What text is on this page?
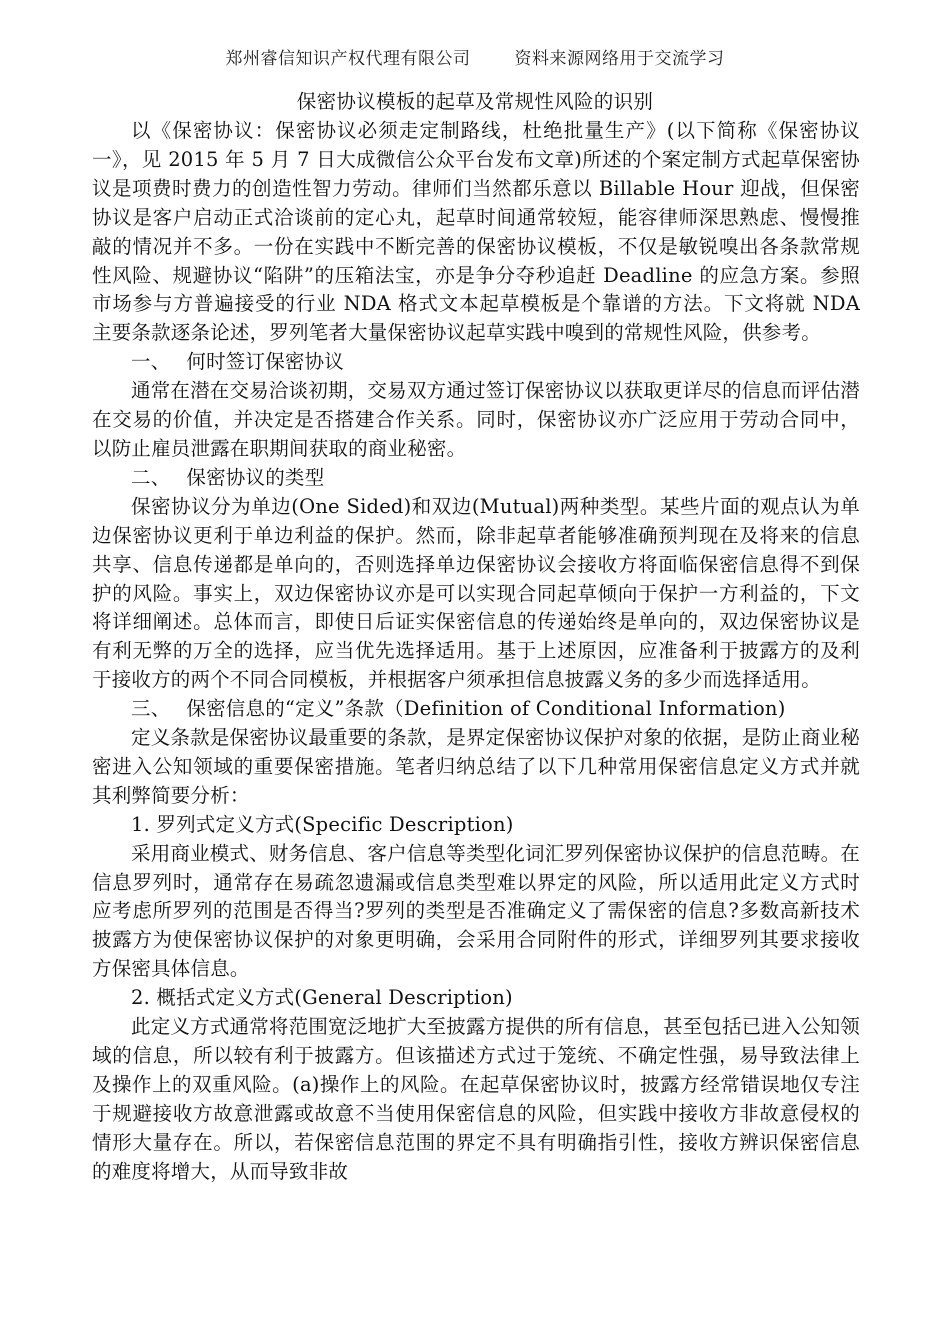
郑州睿信知识产权代理有限公司	资料来源网络用于交流学习
保密协议模板的起草及常规性风险的识别

以《保密协议：保密协议必须走定制路线，杜绝批量生产》(以下简称《保密协议一》，见 2015 年 5 月 7 日大成微信公众平台发布文章)所述的个案定制方式起草保密协议是项费时费力的创造性智力劳动。律师们当然都乐意以 Billable Hour 迎战，但保密协议是客户启动正式洽谈前的定心丸，起草时间通常较短，能容律师深思熟虑、慢慢推敲的情况并不多。一份在实践中不断完善的保密协议模板，不仅是敏锐嗅出各条款常规性风险、规避协议“陷阱”的压箱法宝，亦是争分夺秒追赶 Deadline 的应急方案。参照市场参与方普遍接受的行业 NDA 格式文本起草模板是个靠谱的方法。下文将就 NDA 主要条款逐条论述，罗列笔者大量保密协议起草实践中嗅到的常规性风险，供参考。

一、 何时签订保密协议

通常在潜在交易洽谈初期，交易双方通过签订保密协议以获取更详尽的信息而评估潜在交易的价值，并决定是否搭建合作关系。同时，保密协议亦广泛应用于劳动合同中，以防止雇员泄露在职期间获取的商业秘密。

二、 保密协议的类型

保密协议分为单边(One Sided)和双边(Mutual)两种类型。某些片面的观点认为单边保密协议更利于单边利益的保护。然而，除非起草者能够准确预判现在及将来的信息共享、信息传递都是单向的，否则选择单边保密协议会接收方将面临保密信息得不到保护的风险。事实上，双边保密协议亦是可以实现合同起草倾向于保护一方利益的，下文将详细阐述。总体而言，即使日后证实保密信息的传递始终是单向的，双边保密协议是有利无弊的万全的选择，应当优先选择适用。基于上述原因，应准备利于披露方的及利于接收方的两个不同合同模板，并根据客户须承担信息披露义务的多少而选择适用。

三、 保密信息的“定义”条款（Definition of Conditional Information)

定义条款是保密协议最重要的条款，是界定保密协议保护对象的依据，是防止商业秘密进入公知领域的重要保密措施。笔者归纳总结了以下几种常用保密信息定义方式并就其利弊简要分析：

1. 罗列式定义方式(Specific Description)

采用商业模式、财务信息、客户信息等类型化词汇罗列保密协议保护的信息范畴。在信息罗列时，通常存在易疏忽遗漏或信息类型难以界定的风险，所以适用此定义方式时应考虑所罗列的范围是否得当?罗列的类型是否准确定义了需保密的信息?多数高新技术披露方为使保密协议保护的对象更明确，会采用合同附件的形式，详细罗列其要求接收方保密具体信息。

2. 概括式定义方式(General Description)

此定义方式通常将范围宽泛地扩大至披露方提供的所有信息，甚至包括已进入公知领域的信息，所以较有利于披露方。但该描述方式过于笼统、不确定性强，易导致法律上及操作上的双重风险。(a)操作上的风险。在起草保密协议时，披露方经常错误地仅专注于规避接收方故意泄露或故意不当使用保密信息的风险，但实践中接收方非故意侵权的情形大量存在。所以，若保密信息范围的界定不具有明确指引性，接收方辨识保密信息的难度将增大，从而导致非故
